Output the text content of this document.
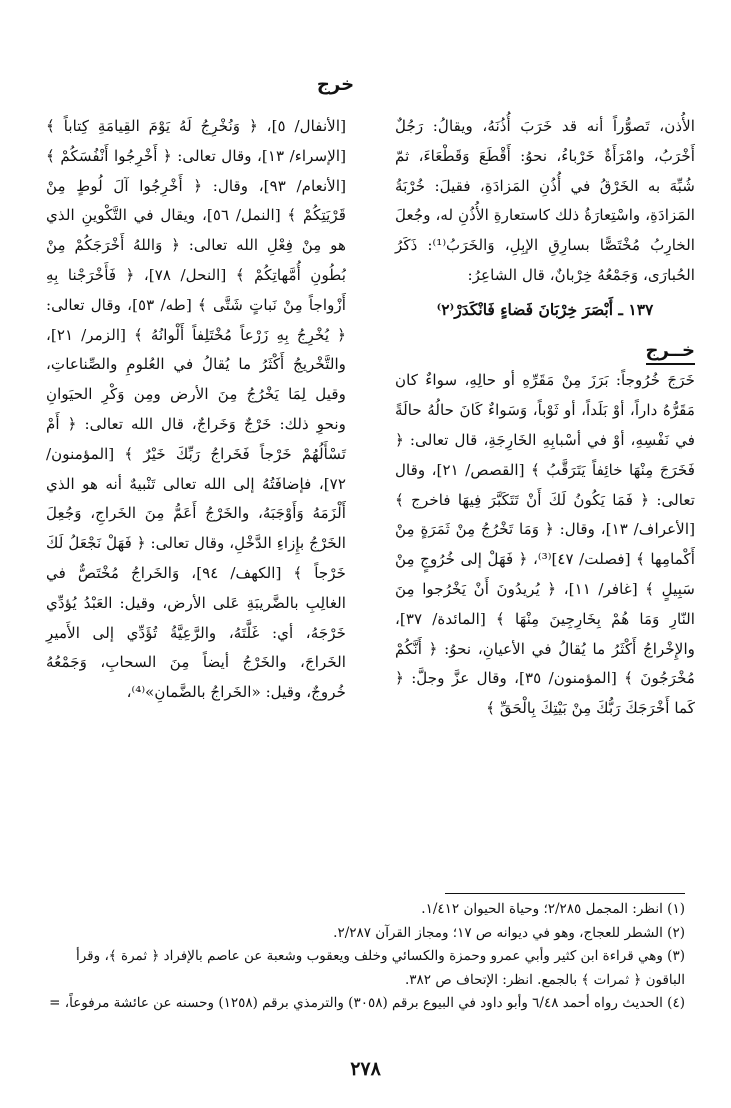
خرج

الأُذن، تَصوُّراً أنه قد خَرَبَ أُذُنَهُ‌، ويقالُ: رَجُلٌ أَخْرَبُ، وامْرَأَةٌ خَرْباءُ، نحوُ: أَقْطَعَ وَقَطْعَاءَ، ثمّ شُبِّهَ به الخَرْقُ في أُذُنِ المَزادَةِ، فقيلَ: خُرْبَةُ المَزادَةِ، واسْتِعارَةُ ذلك كاستعارةِ الأُذُنِ له، وجُعلَ الخارِبُ مُخْتَصًّا بسارِقِ الإبِلِ، وَالخَرَبُ⁽¹⁾: ذَكَرُ الحُبارَى، وَجَمْعُهُ خِرْبانٌ، قال الشاعِرُ:

١٣٧ ـ أَبْصَرَ خِرْبَانَ فَضاءٍ فَانْكَدَرْ⁽٢⁾

خــرج

خَرَجَ خُرُوجاً: بَرَزَ مِنْ مَقَرِّهِ أو حالِهِ، سواءٌ كان مَقَرُّهُ داراً، أوْ بَلَداً، أو ثَوْباً، وَسَواءٌ كَانَ حالُهُ حالَةً في نَفْسِهِ، أوْ في أسْبابِهِ الخَارِجَةِ، قال تعالى: ﴿ فَخَرَجَ مِنْهَا خائِفاً يَتَرَقَّبُ ﴾ [القصص/ ٢١]، وقال تعالى: ﴿ فَمَا يَكُونُ لَكَ أَنْ تَتَكَبَّرَ فِيهَا فاخرج ﴾ [الأعراف/ ١٣]، وقال: ﴿ وَمَا تَخْرُجُ مِنْ ثَمَرَةٍ مِنْ أَكْمامِها ﴾ [فصلت/ ٤٧]⁽³⁾، ﴿ فَهَلْ إلى خُرُوجٍ مِنْ سَبِيلٍ ﴾ [غافر/ ١١]، ﴿ يُريدُونَ أَنْ يَخْرُجوا مِنَ النّارِ وَمَا هُمْ بِخَارِجِينَ مِنْهَا ﴾ [المائدة/ ٣٧]، والإِخْراجُ أَكْثَرُ ما يُقالُ في الأعيانِ، نحوُ: ﴿ أَنَّكُمْ مُخْرَجُونَ ﴾ [المؤمنون/ ٣٥]، وقال عزَّ وجلَّ: ﴿ كَما أَخْرَجَكَ رَبُّكَ مِنْ بَيْتِكَ بِالْحَقِّ ﴾

[الأنفال/ ٥]، ﴿ وَنُخْرِجُ لَهُ يَوْمَ القِيامَةِ كِتاباً ﴾ [الإسراء/ ١٣]، وقال تعالى: ﴿ أَخْرِجُوا أَنْفُسَكُمْ ﴾ [الأنعام/ ٩٣]، وقال: ﴿ أَخْرِجُوا آلَ لُوطٍ مِنْ قَرْيَتِكُمْ ﴾ [النمل/ ٥٦]، ويقال في التَّكْوينِ الذي هو مِنْ فِعْلِ الله تعالى: ﴿ وَاللهُ أَخْرَجَكُمْ مِنْ بُطُونِ أُمَّهاتِكُمْ ﴾ [النحل/ ٧٨]، ﴿ فَأَخْرَجْنا بِهِ أَزْواجاً مِنْ نَباتٍ شَتَّى ﴾ [طه/ ٥٣]، وقال تعالى: ﴿ يُخْرِجُ بِهِ زَرْعاً مُخْتَلِفاً أَلْوانُهُ ﴾ [الزمر/ ٢١]، والتَّخْريجُ أَكْثَرُ ما يُقالُ في العُلومِ والصِّناعاتِ، وقيل لِمَا يَخْرُجُ مِنَ الأرض ومِن وَكْرِ الحيَوانِ ونحوِ ذلك: خَرْجٌ وَخَراجٌ، قال الله تعالى: ﴿ أَمْ تَسْأَلُهُمْ خَرْجاً فَخَراجُ رَبِّكَ خَيْرٌ ﴾ [المؤمنون/ ٧٢]، فإضافَتُهُ إلى الله تعالى تَنْبيهٌ أنه هو الذي أَلْزَمَهُ وَأَوْجَبَهُ، والخَرْجُ أَعَمُّ مِنَ الخَراجِ، وَجُعِلَ الخَرْجُ بإِزاءِ الدَّخْلِ، وقال تعالى: ﴿ فَهَلْ نَجْعَلُ لَكَ خَرْجاً ﴾ [الكهف/ ٩٤]، وَالخَراجُ مُخْتَصٌّ في الغالِبِ بالضَّريبَةِ عَلى الأرض، وقيل: العَبْدُ يُؤدِّي خَرْجَهُ، أي: غَلَّتَهُ، والرَّعِيَّةُ تُؤَدِّي إلى الأَميرِ الخَراجَ، والخَرْجُ أيضاً مِنَ السحابِ، وَجَمْعُهُ خُروجٌ، وقيل: «الخَراجُ بالضَّمانِ»⁽⁴⁾،

(١) انظر: المجمل ٢/٢٨٥؛ وحياة الحيوان ١/٤١٢.

(٢) الشطر للعجاج، وهو في ديوانه ص ١٧؛ ومجاز القرآن ٢/٢٨٧.

(٣) وهي قراءة ابن كثير وأبي عمرو وحمزة والكسائي وخلف ويعقوب وشعبة عن عاصم بالإفراد ﴿ ثمرة ﴾، وقرأ الباقون ﴿ ثمرات ﴾ بالجمع. انظر: الإتحاف ص ٣٨٢.

(٤) الحديث رواه أحمد ٦/٤٨ وأبو داود في البيوع برقم (٣٠٥٨) والترمذي برقم (١٢٥٨) وحسنه عن عائشة مرفوعاً، =

٢٧٨
